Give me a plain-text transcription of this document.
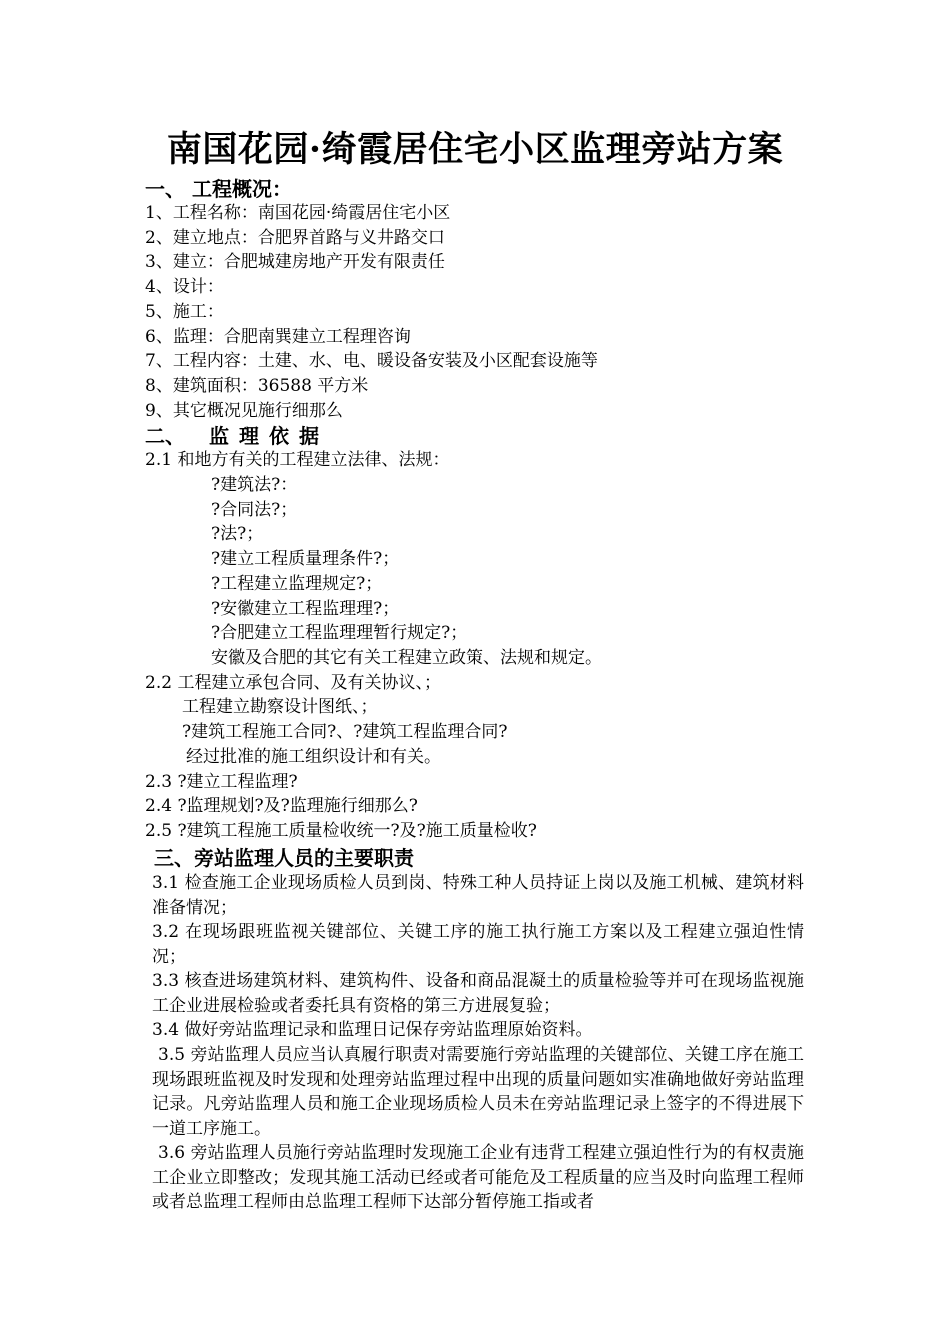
南国花园·绮霞居住宅小区监理旁站方案
一、 工程概况：
1、工程名称：南国花园·绮霞居住宅小区
2、建立地点：合肥界首路与义井路交口
3、建立：合肥城建房地产开发有限责任
4、设计：
5、施工：
6、监理：合肥南巽建立工程理咨询
7、工程内容：土建、水、电、暖设备安装及小区配套设施等
8、建筑面积：36588 平方米
9、其它概况见施行细那么
二、 监理依据
2.1 和地方有关的工程建立法律、法规：
?建筑法?：
?合同法?；
?法?；
?建立工程质量理条件?；
?工程建立监理规定?；
?安徽建立工程监理理?；
?合肥建立工程监理理暂行规定?；
安徽及合肥的其它有关工程建立政策、法规和规定。
2.2 工程建立承包合同、及有关协议、；
工程建立勘察设计图纸、；
?建筑工程施工合同?、?建筑工程监理合同?
经过批准的施工组织设计和有关。
2.3 ?建立工程监理?
2.4 ?监理规划?及?监理施行细那么?
2.5 ?建筑工程施工质量检收统一?及?施工质量检收?
三、旁站监理人员的主要职责
3.1 检查施工企业现场质检人员到岗、特殊工种人员持证上岗以及施工机械、建筑材料准备情况；
3.2 在现场跟班监视关键部位、关键工序的施工执行施工方案以及工程建立强迫性情况；
3.3 核查进场建筑材料、建筑构件、设备和商品混凝土的质量检验等并可在现场监视施工企业进展检验或者委托具有资格的第三方进展复验；
3.4 做好旁站监理记录和监理日记保存旁站监理原始资料。
3.5 旁站监理人员应当认真履行职责对需要施行旁站监理的关键部位、关键工序在施工现场跟班监视及时发现和处理旁站监理过程中出现的质量问题如实准确地做好旁站监理记录。凡旁站监理人员和施工企业现场质检人员未在旁站监理记录上签字的不得进展下一道工序施工。
3.6 旁站监理人员施行旁站监理时发现施工企业有违背工程建立强迫性行为的有权责施工企业立即整改；发现其施工活动已经或者可能危及工程质量的应当及时向监理工程师或者总监理工程师由总监理工程师下达部分暂停施工指或者
